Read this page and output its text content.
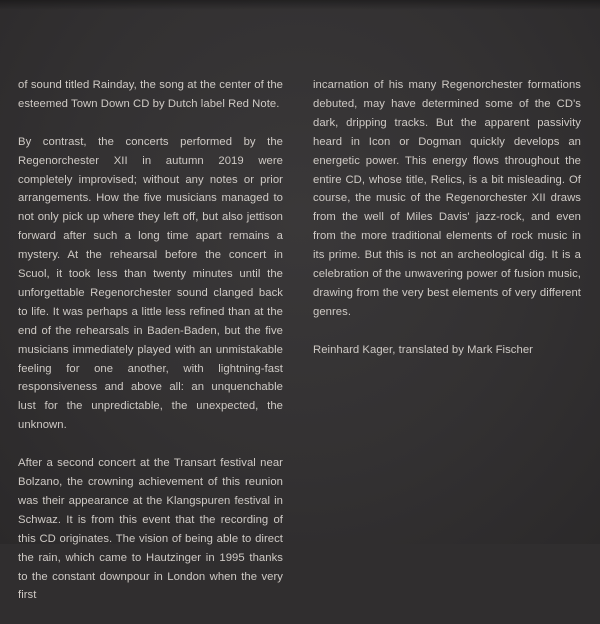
of sound titled Rainday, the song at the center of the esteemed Town Down CD by Dutch label Red Note.

By contrast, the concerts performed by the Regenorchester XII in autumn 2019 were completely improvised; without any notes or prior arrangements. How the five musicians managed to not only pick up where they left off, but also jettison forward after such a long time apart remains a mystery. At the rehearsal before the concert in Scuol, it took less than twenty minutes until the unforgettable Regenorchester sound clanged back to life. It was perhaps a little less refined than at the end of the rehearsals in Baden-Baden, but the five musicians immediately played with an unmistakable feeling for one another, with lightning-fast responsiveness and above all: an unquenchable lust for the unpredictable, the unexpected, the unknown.

After a second concert at the Transart festival near Bolzano, the crowning achievement of this reunion was their appearance at the Klangspuren festival in Schwaz. It is from this event that the recording of this CD originates. The vision of being able to direct the rain, which came to Hautzinger in 1995 thanks to the constant downpour in London when the very first

incarnation of his many Regenorchester formations debuted, may have determined some of the CD's dark, dripping tracks. But the apparent passivity heard in Icon or Dogman quickly develops an energetic power. This energy flows throughout the entire CD, whose title, Relics, is a bit misleading. Of course, the music of the Regenorchester XII draws from the well of Miles Davis' jazz-rock, and even from the more traditional elements of rock music in its prime. But this is not an archeological dig. It is a celebration of the unwavering power of fusion music, drawing from the very best elements of very different genres.

Reinhard Kager, translated by Mark Fischer
